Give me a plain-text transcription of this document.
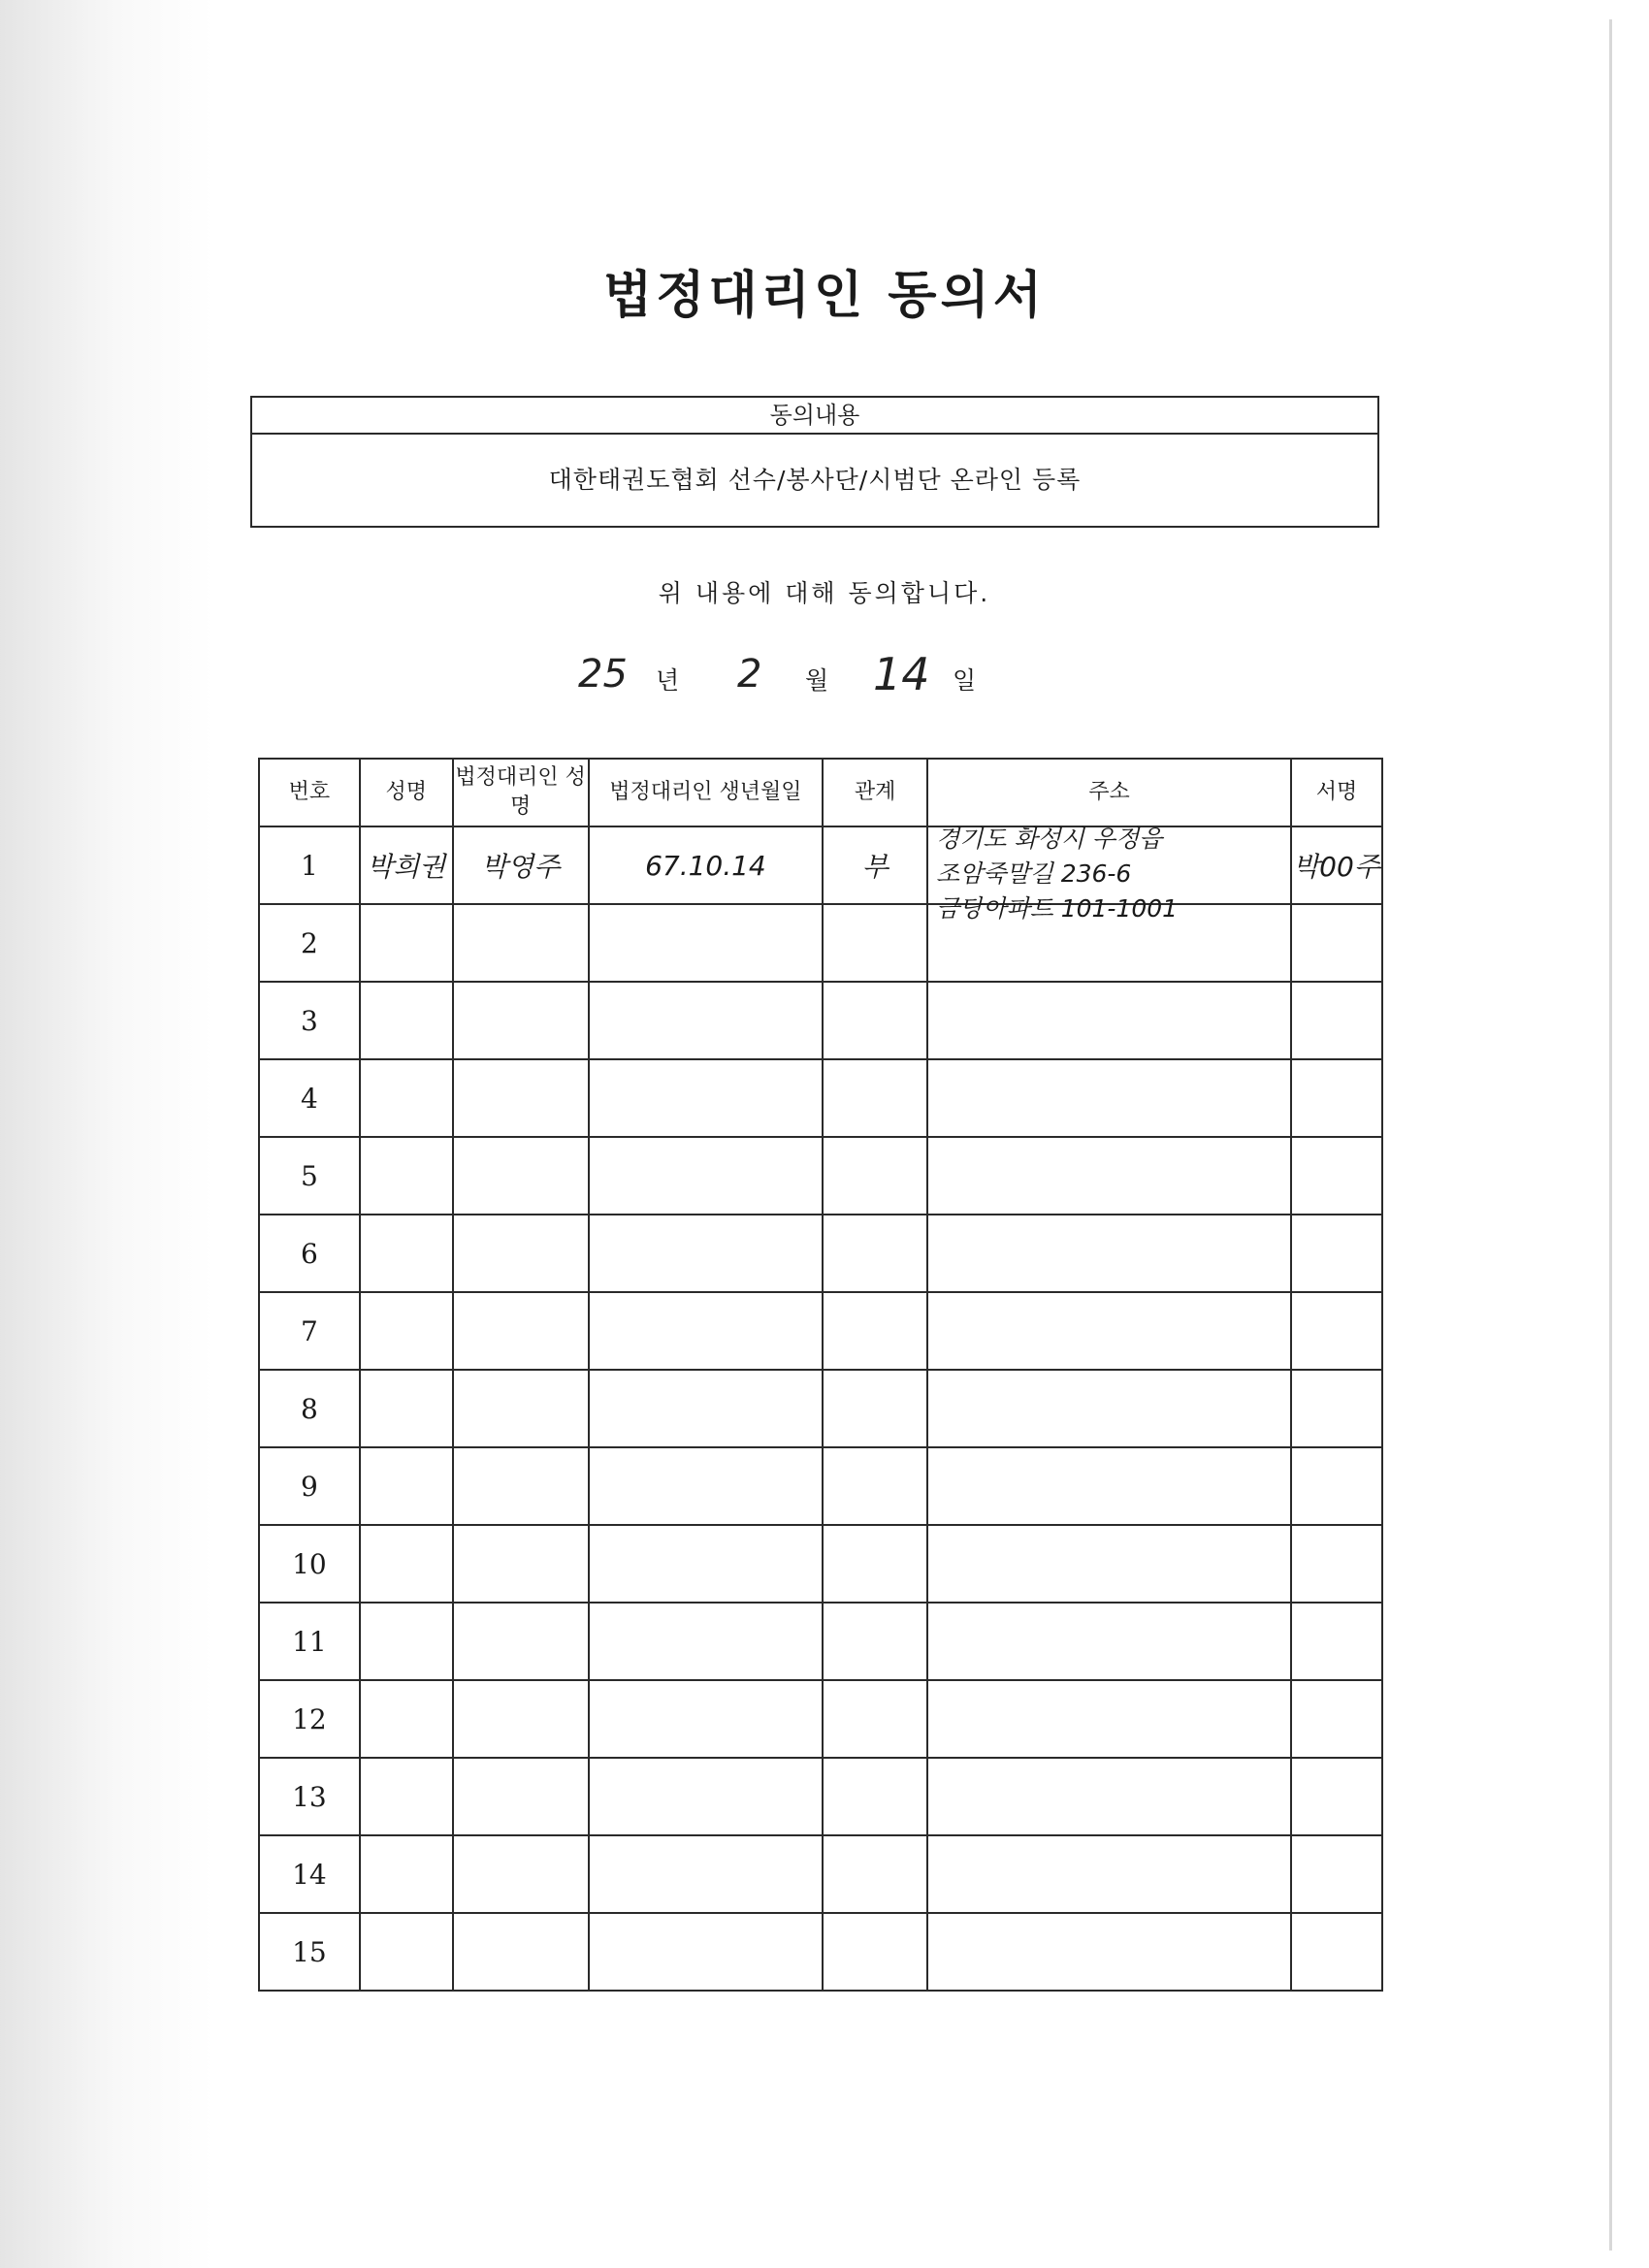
법정대리인 동의서
동의내용
대한태권도협회 선수/봉사단/시범단 온라인 등록
위 내용에 대해 동의합니다.
25 년 2 월 14 일
번호	성명	법정대리인 성명	법정대리인 생년월일	관계	주소	서명
1	박희권	박영주	67.10.14	부	경기도 화성시 우정읍
조암죽말길 236-6
금당아파트 101-1001	박00주
2						
3						
4						
5						
6						
7						
8						
9						
10						
11						
12						
13						
14						
15						
